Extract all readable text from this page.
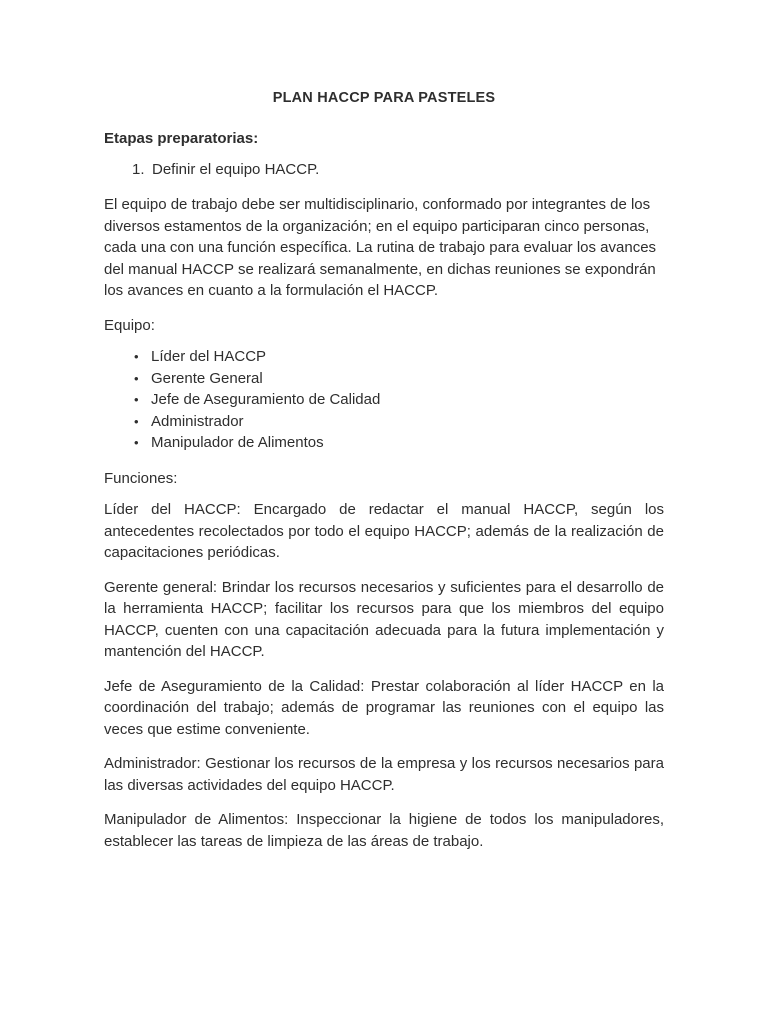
PLAN HACCP PARA PASTELES
Etapas preparatorias:
Definir el equipo HACCP.

El equipo de trabajo debe ser multidisciplinario, conformado por integrantes de los diversos estamentos de la organización; en el equipo participaran cinco personas, cada una con una función específica. La rutina de trabajo para evaluar los avances del manual HACCP se realizará semanalmente, en dichas reuniones se expondrán los avances en cuanto a la formulación el HACCP.

Equipo:

• Líder del HACCP
• Gerente General
• Jefe de Aseguramiento de Calidad
• Administrador
• Manipulador de Alimentos

Funciones:

Líder del HACCP: Encargado de redactar el manual HACCP, según los antecedentes recolectados por todo el equipo HACCP; además de la realización de capacitaciones periódicas.

Gerente general: Brindar los recursos necesarios y suficientes para el desarrollo de la herramienta HACCP; facilitar los recursos para que los miembros del equipo HACCP, cuenten con una capacitación adecuada para la futura implementación y mantención del HACCP.

Jefe de Aseguramiento de la Calidad: Prestar colaboración al líder HACCP en la coordinación del trabajo; además de programar las reuniones con el equipo las veces que estime conveniente.

Administrador: Gestionar los recursos de la empresa y los recursos necesarios para las diversas actividades del equipo HACCP.

Manipulador de Alimentos: Inspeccionar la higiene de todos los manipuladores, establecer las tareas de limpieza de las áreas de trabajo.
